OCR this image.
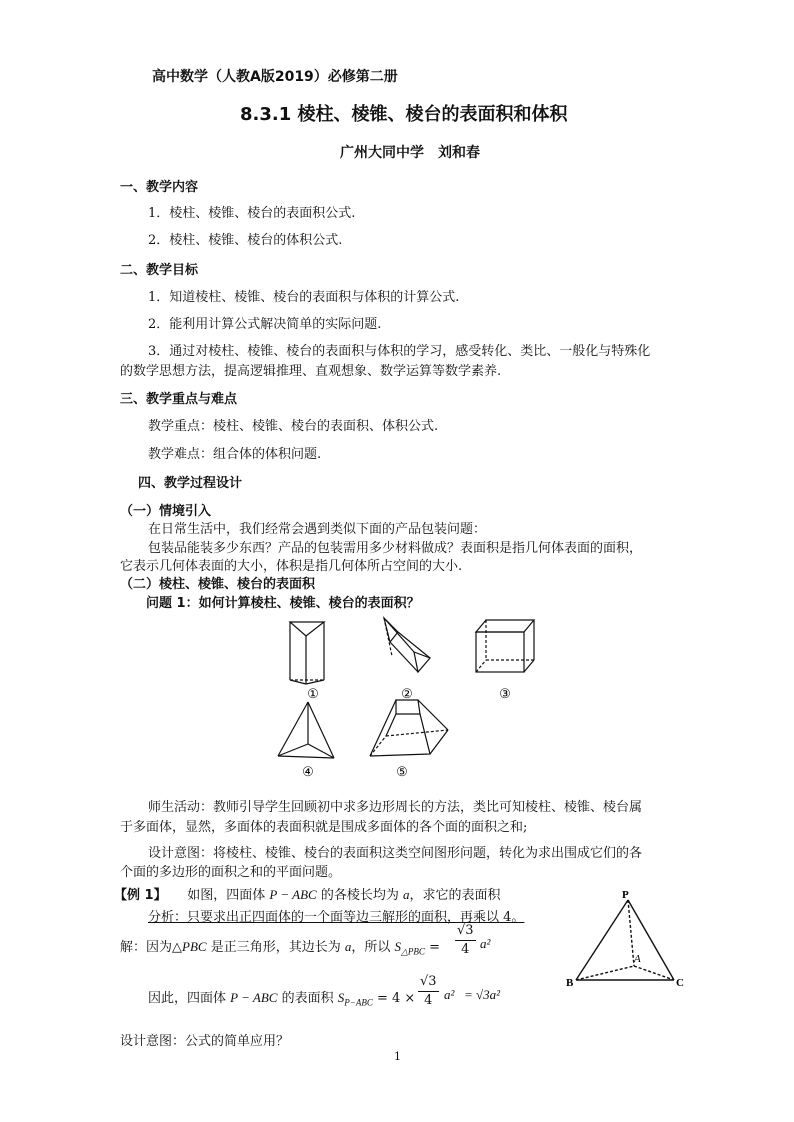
高中数学（人教A版2019）必修第二册
8.3.1 棱柱、棱锥、棱台的表面积和体积
广州大同中学　刘和春
一、教学内容
1．棱柱、棱锥、棱台的表面积公式.
2．棱柱、棱锥、棱台的体积公式.
二、教学目标
1．知道棱柱、棱锥、棱台的表面积与体积的计算公式.
2．能利用计算公式解决简单的实际问题.
3．通过对棱柱、棱锥、棱台的表面积与体积的学习，感受转化、类比、一般化与特殊化
的数学思想方法，提高逻辑推理、直观想象、数学运算等数学素养.
三、教学重点与难点
教学重点：棱柱、棱锥、棱台的表面积、体积公式.
教学难点：组合体的体积问题.
四、教学过程设计
（一）情境引入
在日常生活中，我们经常会遇到类似下面的产品包装问题：
包装品能装多少东西？产品的包装需用多少材料做成？表面积是指几何体表面的面积，
它表示几何体表面的大小，体积是指几何体所占空间的大小.
（二）棱柱、棱锥、棱台的表面积
问题 1：如何计算棱柱、棱锥、棱台的表面积？
①	②	③
④	⑤
师生活动：教师引导学生回顾初中求多边形周长的方法，类比可知棱柱、棱锥、棱台属
于多面体，显然，多面体的表面积就是围成多面体的各个面的面积之和;
设计意图：将棱柱、棱锥、棱台的表面积这类空间图形问题，转化为求出围成它们的各
个面的多边形的面积之和的平面问题。
【例 1】 如图，四面体 P − ABC 的各棱长均为 a，求它的表面积
分析：只要求出正四面体的一个面等边三解形的面积，再乘以 4。
解：因为△PBC 是正三角形，其边长为 a，所以 $S_{\triangle PBC} = \frac{√3}{4} a^2$
因此，四面体 P − ABC 的表面积 $S_{P-ABC} = 4 \times \frac{√3}{4} a^2 = √3a^2$
P
A
B	C
设计意图：公式的简单应用？
1
